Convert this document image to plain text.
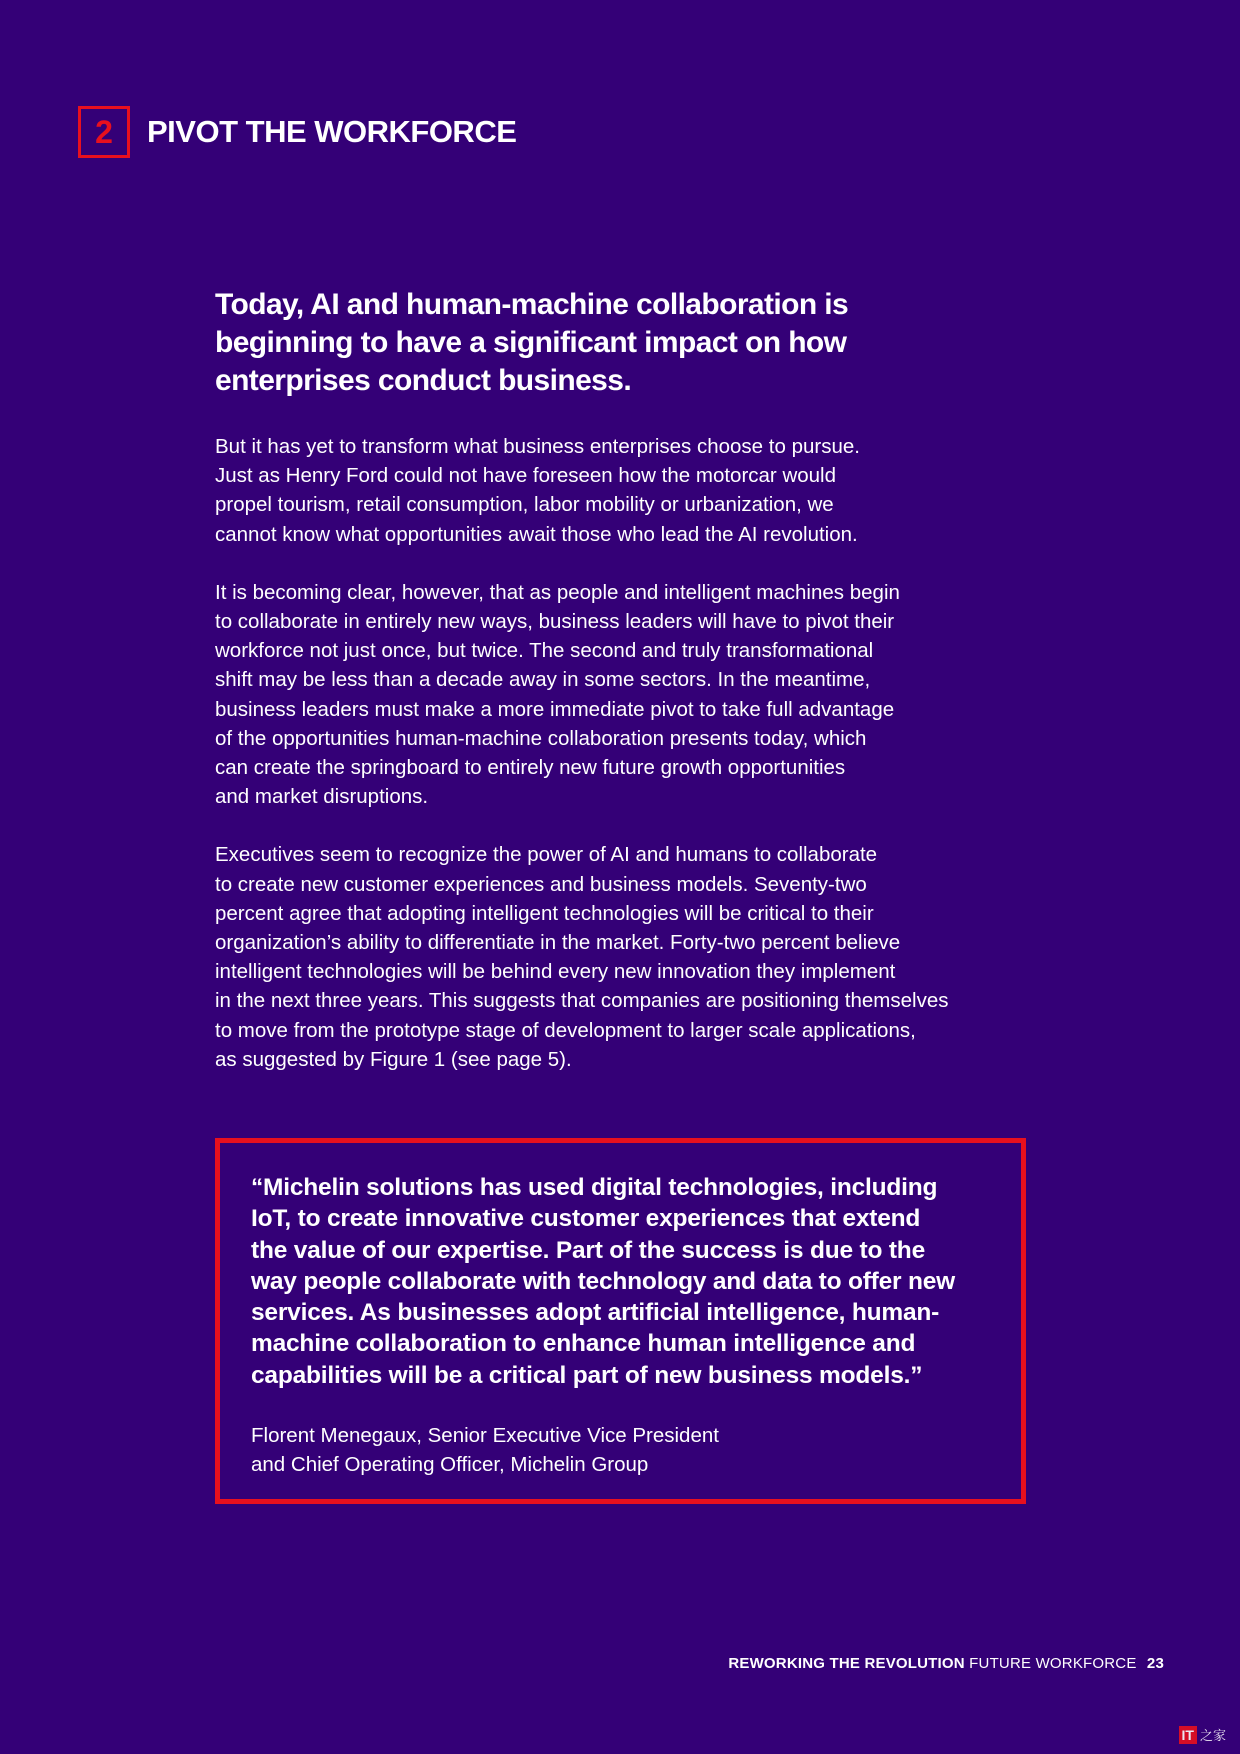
2	PIVOT THE WORKFORCE
Today, AI and human-machine collaboration is beginning to have a significant impact on how enterprises conduct business.

But it has yet to transform what business enterprises choose to pursue.
Just as Henry Ford could not have foreseen how the motorcar would
propel tourism, retail consumption, labor mobility or urbanization, we
cannot know what opportunities await those who lead the AI revolution.

It is becoming clear, however, that as people and intelligent machines begin
to collaborate in entirely new ways, business leaders will have to pivot their
workforce not just once, but twice. The second and truly transformational
shift may be less than a decade away in some sectors. In the meantime,
business leaders must make a more immediate pivot to take full advantage
of the opportunities human-machine collaboration presents today, which
can create the springboard to entirely new future growth opportunities
and market disruptions.

Executives seem to recognize the power of AI and humans to collaborate
to create new customer experiences and business models. Seventy-two
percent agree that adopting intelligent technologies will be critical to their
organization’s ability to differentiate in the market. Forty-two percent believe
intelligent technologies will be behind every new innovation they implement
in the next three years. This suggests that companies are positioning themselves
to move from the prototype stage of development to larger scale applications,
as suggested by Figure 1 (see page 5).

“Michelin solutions has used digital technologies, including
IoT, to create innovative customer experiences that extend
the value of our expertise. Part of the success is due to the
way people collaborate with technology and data to offer new
services. As businesses adopt artificial intelligence, human-
machine collaboration to enhance human intelligence and
capabilities will be a critical part of new business models.”
Florent Menegaux, Senior Executive Vice President
and Chief Operating Officer, Michelin Group
REWORKING THE REVOLUTION FUTURE WORKFORCE 23
IT 之家
